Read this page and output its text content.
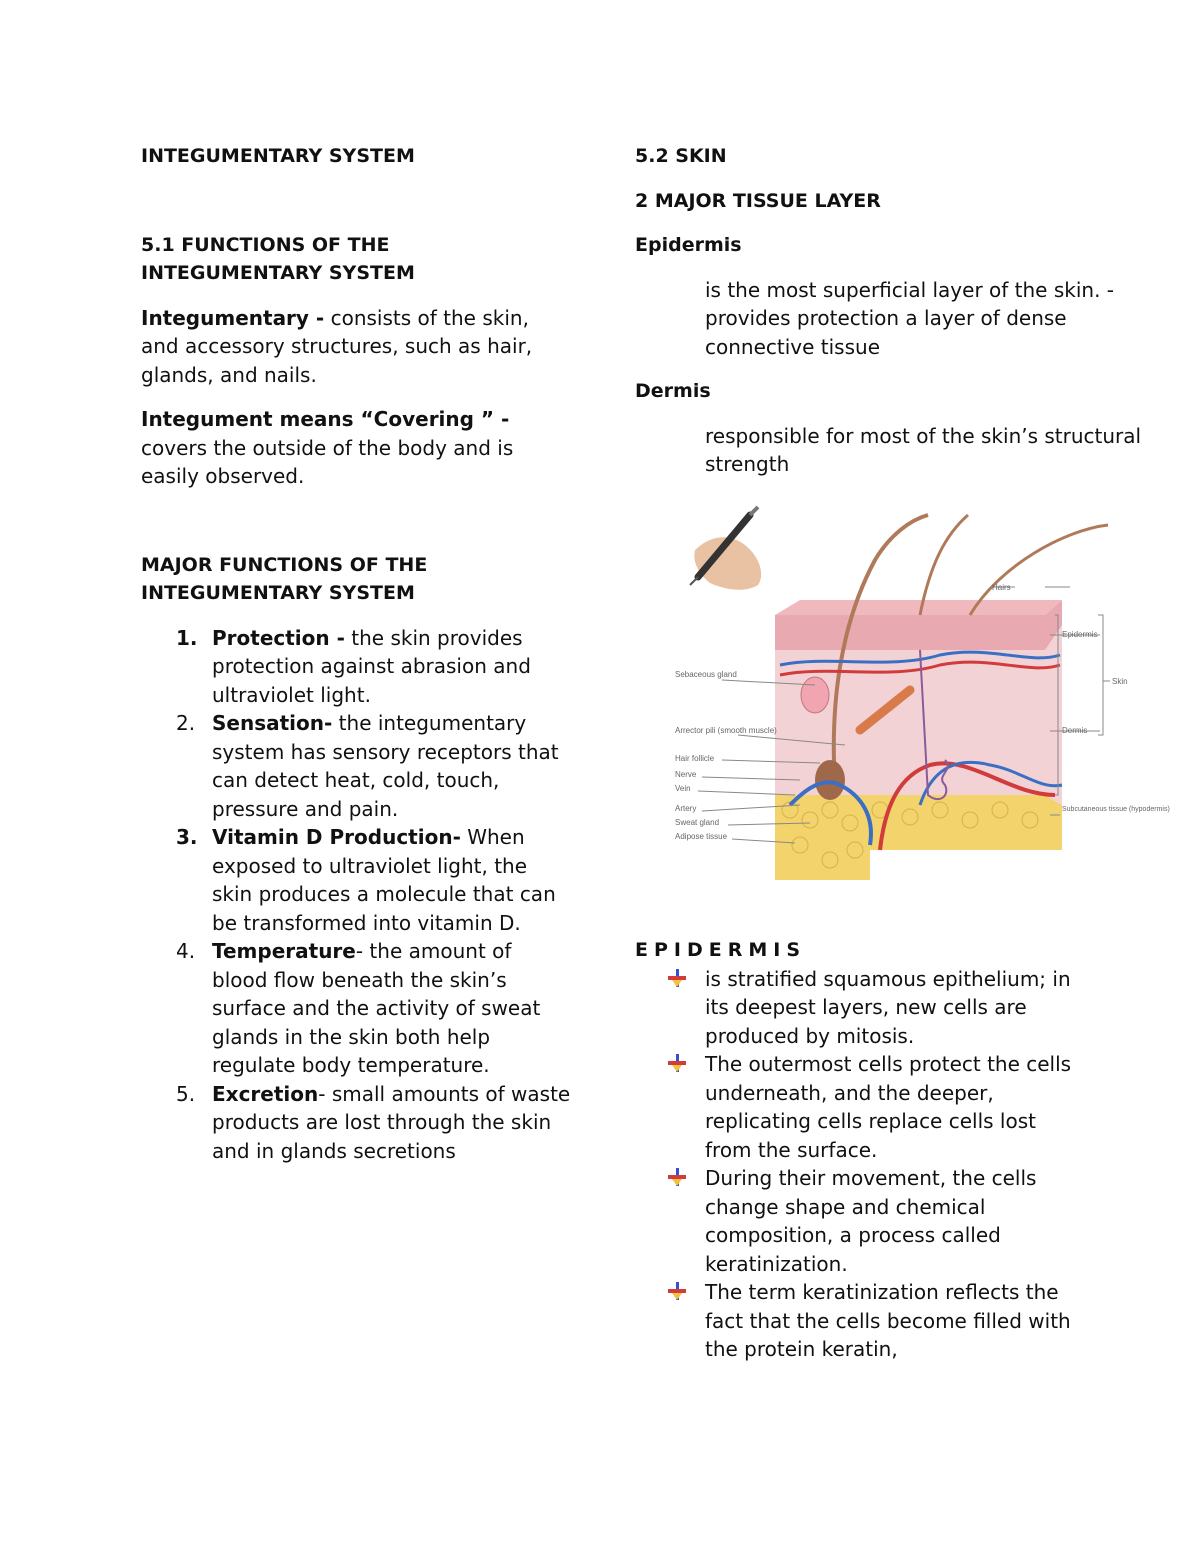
INTEGUMENTARY SYSTEM

5.1 FUNCTIONS OF THE INTEGUMENTARY SYSTEM

Integumentary - consists of the skin, and accessory structures, such as hair, glands, and nails.

Integument means “Covering ” - covers the outside of the body and is easily observed.

MAJOR FUNCTIONS OF THE INTEGUMENTARY SYSTEM

1. Protection - the skin provides protection against abrasion and ultraviolet light.
2. Sensation- the integumentary system has sensory receptors that can detect heat, cold, touch, pressure and pain.
3. Vitamin D Production- When exposed to ultraviolet light, the skin produces a molecule that can be transformed into vitamin D.
4. Temperature- the amount of blood flow beneath the skin’s surface and the activity of sweat glands in the skin both help regulate body temperature.
5. Excretion- small amounts of waste products are lost through the skin and in glands secretions

5.2 SKIN

2 MAJOR TISSUE LAYER

Epidermis

is the most superficial layer of the skin. -provides protection a layer of dense connective tissue

Dermis

responsible for most of the skin’s structural strength

Sebaceous gland
Arrector pili (smooth muscle)
Hair follicle
Nerve
Vein
Artery
Sweat gland
Adipose tissue
Hairs
Epidermis
Dermis
Skin
Subcutaneous tissue (hypodermis)

EPIDERMIS

is stratified squamous epithelium; in its deepest layers, new cells are produced by mitosis.
The outermost cells protect the cells underneath, and the deeper, replicating cells replace cells lost from the surface.
During their movement, the cells change shape and chemical composition, a process called keratinization.
The term keratinization reflects the fact that the cells become filled with the protein keratin,
